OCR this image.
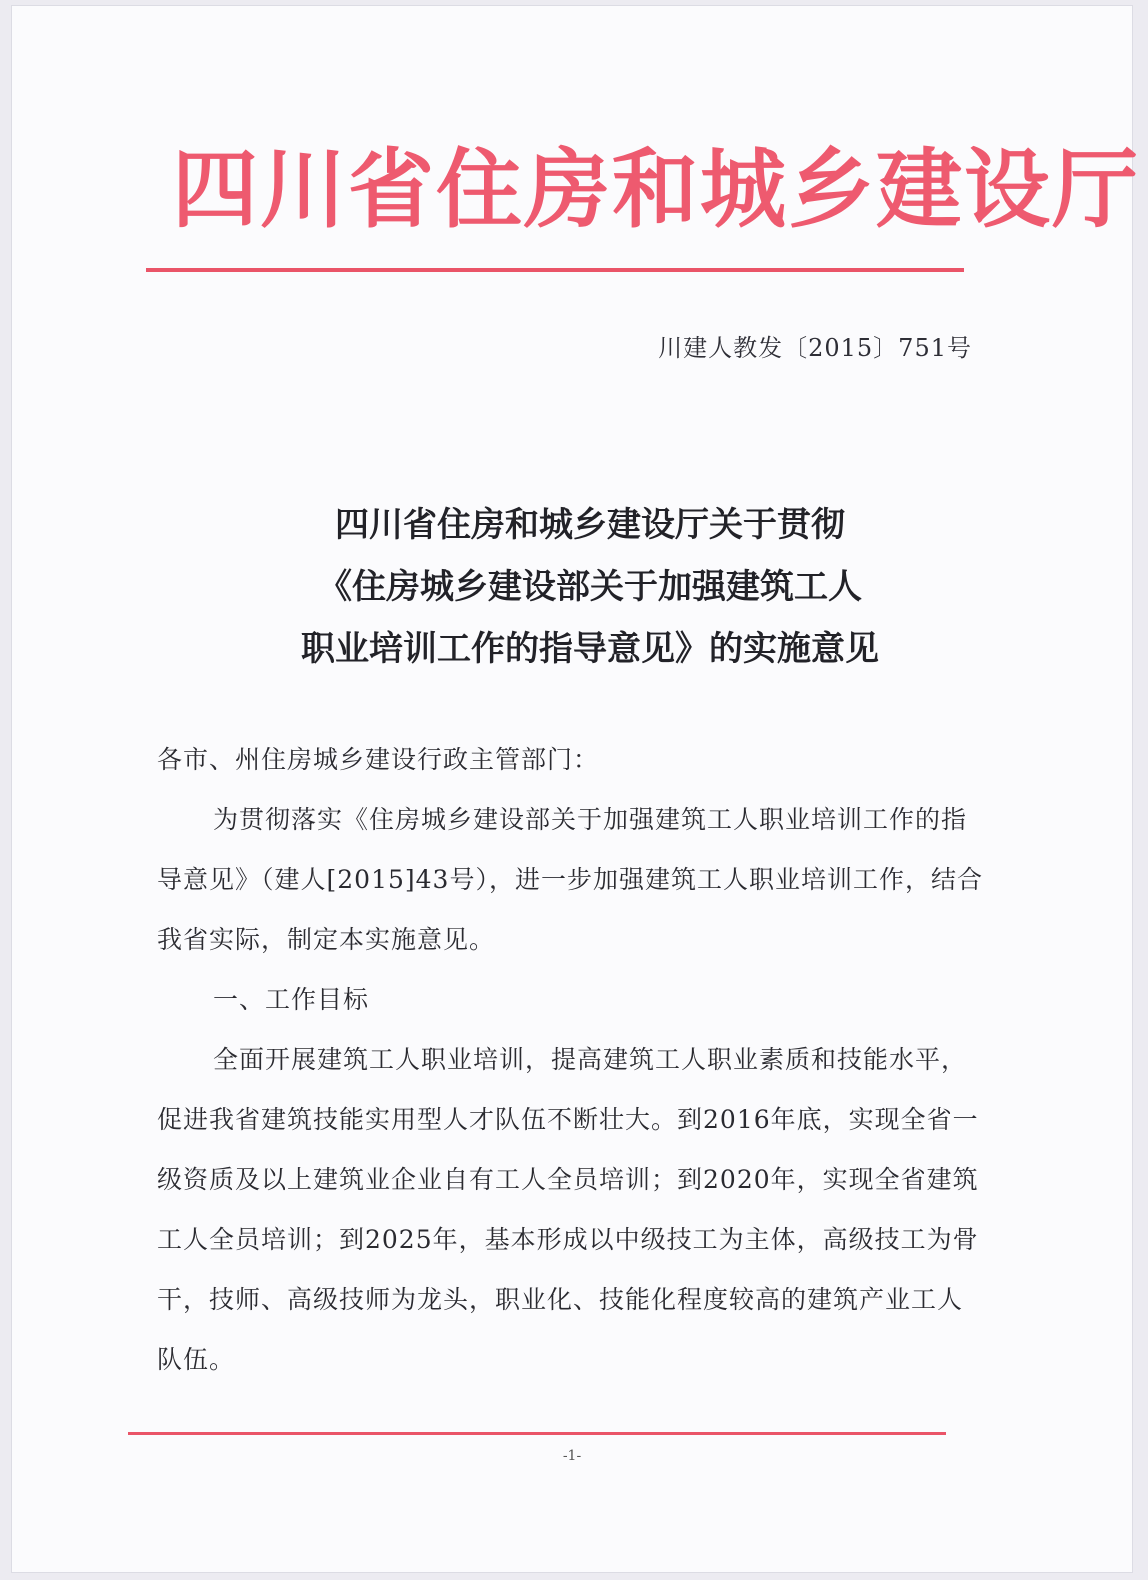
四川省住房和城乡建设厅
川建人教发〔2015〕751号
四川省住房和城乡建设厅关于贯彻
《住房城乡建设部关于加强建筑工人
职业培训工作的指导意见》的实施意见

各市、州住房城乡建设行政主管部门：

为贯彻落实《住房城乡建设部关于加强建筑工人职业培训工作的指导意见》（建人[2015]43号），进一步加强建筑工人职业培训工作，结合我省实际，制定本实施意见。

一、工作目标

全面开展建筑工人职业培训，提高建筑工人职业素质和技能水平，促进我省建筑技能实用型人才队伍不断壮大。到2016年底，实现全省一级资质及以上建筑业企业自有工人全员培训；到2020年，实现全省建筑工人全员培训；到2025年，基本形成以中级技工为主体，高级技工为骨干，技师、高级技师为龙头，职业化、技能化程度较高的建筑产业工人队伍。

-1-
